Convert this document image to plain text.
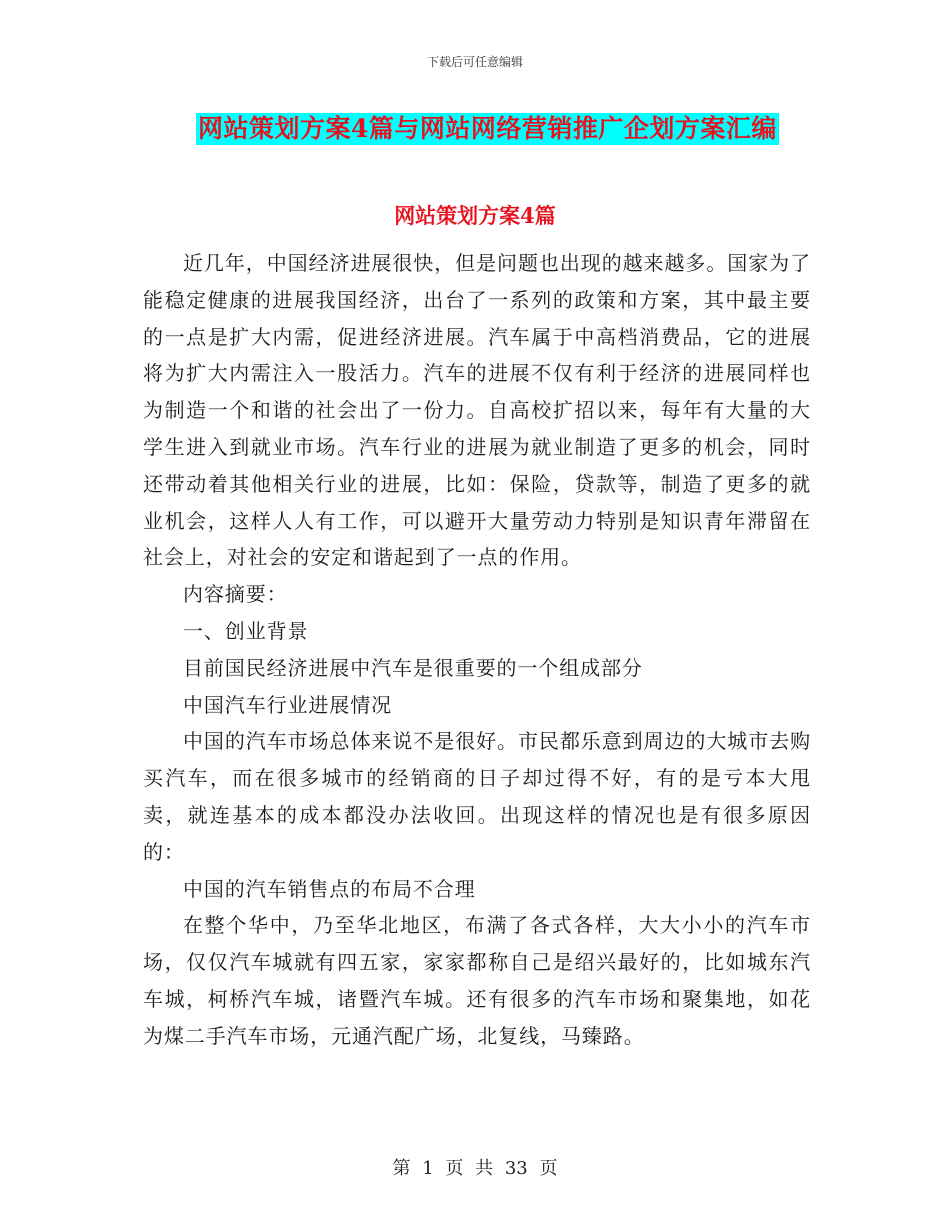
下载后可任意编辑
网站策划方案4篇与网站网络营销推广企划方案汇编
网站策划方案4篇

近几年，中国经济进展很快，但是问题也出现的越来越多。国家为了能稳定健康的进展我国经济，出台了一系列的政策和方案，其中最主要的一点是扩大内需，促进经济进展。汽车属于中高档消费品，它的进展将为扩大内需注入一股活力。汽车的进展不仅有利于经济的进展同样也为制造一个和谐的社会出了一份力。自高校扩招以来，每年有大量的大学生进入到就业市场。汽车行业的进展为就业制造了更多的机会，同时还带动着其他相关行业的进展，比如：保险，贷款等，制造了更多的就业机会，这样人人有工作，可以避开大量劳动力特别是知识青年滞留在社会上，对社会的安定和谐起到了一点的作用。

内容摘要：

一、创业背景

目前国民经济进展中汽车是很重要的一个组成部分

中国汽车行业进展情况

中国的汽车市场总体来说不是很好。市民都乐意到周边的大城市去购买汽车，而在很多城市的经销商的日子却过得不好，有的是亏本大甩卖，就连基本的成本都没办法收回。出现这样的情况也是有很多原因的：

中国的汽车销售点的布局不合理

在整个华中，乃至华北地区，布满了各式各样，大大小小的汽车市场，仅仅汽车城就有四五家，家家都称自己是绍兴最好的，比如城东汽车城，柯桥汽车城，诸暨汽车城。还有很多的汽车市场和聚集地，如花为煤二手汽车市场，元通汽配广场，北复线，马臻路。

第 1 页 共 33 页
